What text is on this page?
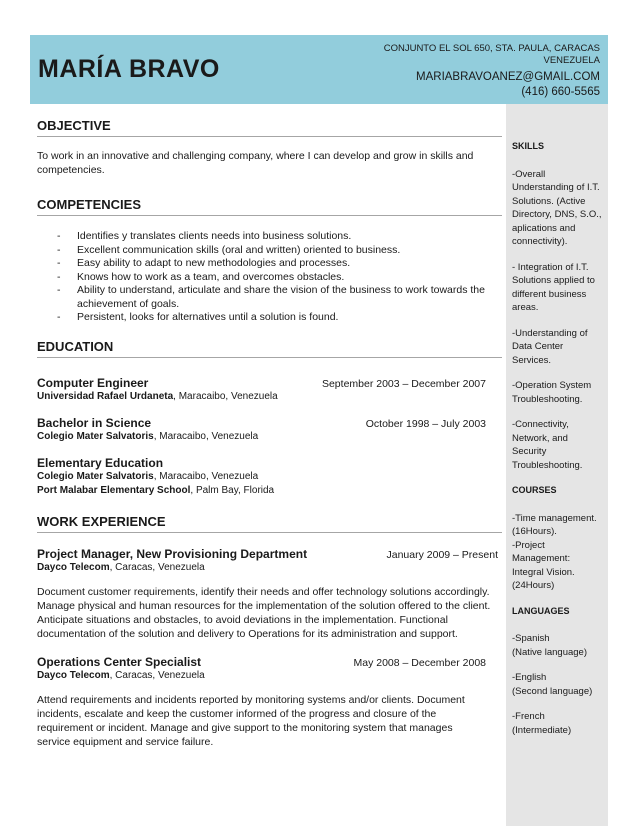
MARÍA BRAVO
CONJUNTO EL SOL 650, STA. PAULA, CARACAS
VENEZUELA
MARIABRAVOANEZ@GMAIL.COM
(416) 660-5565
SKILLS
-Overall Understanding of I.T. Solutions. (Active Directory, DNS, S.O., aplications and connectivity).
- Integration of I.T. Solutions applied to different business areas.
-Understanding of Data Center Services.
-Operation System Troubleshooting.
-Connectivity, Network, and Security Troubleshooting.
COURSES
-Time management. (16Hours).
-Project Management: Integral Vision. (24Hours)
LANGUAGES
-Spanish
(Native language)
-English
(Second language)
-French
(Intermediate)
OBJECTIVE

To work in an innovative and challenging company, where I can develop and grow in skills and competencies.

COMPETENCIES
- Identifies y translates clients needs into business solutions.
- Excellent communication skills (oral and written) oriented to business.
- Easy ability to adapt to new methodologies and processes.
- Knows how to work as a team, and overcomes obstacles.
- Ability to understand, articulate and share the vision of the business to work towards the achievement of goals.
- Persistent, looks for alternatives until a solution is found.
EDUCATION
Computer Engineer	September 2003 – December 2007
Universidad Rafael Urdaneta, Maracaibo, Venezuela
Bachelor in Science	October 1998 – July 2003
Colegio Mater Salvatoris, Maracaibo, Venezuela
Elementary Education
Colegio Mater Salvatoris, Maracaibo, Venezuela
Port Malabar Elementary School, Palm Bay, Florida
WORK EXPERIENCE
Project Manager, New Provisioning Department	January 2009 – Present
Dayco Telecom, Caracas, Venezuela

Document customer requirements, identify their needs and offer technology solutions accordingly. Manage physical and human resources for the implementation of the solution offered to the client. Anticipate situations and obstacles, to avoid deviations in the implementation. Functional documentation of the solution and delivery to Operations for its administration and support.

Operations Center Specialist	May 2008 – December 2008
Dayco Telecom, Caracas, Venezuela

Attend requirements and incidents reported by monitoring systems and/or clients. Document incidents, escalate and keep the customer informed of the progress and closure of the requirement or incident. Manage and give support to the monitoring system that manages service equipment and service failure.
